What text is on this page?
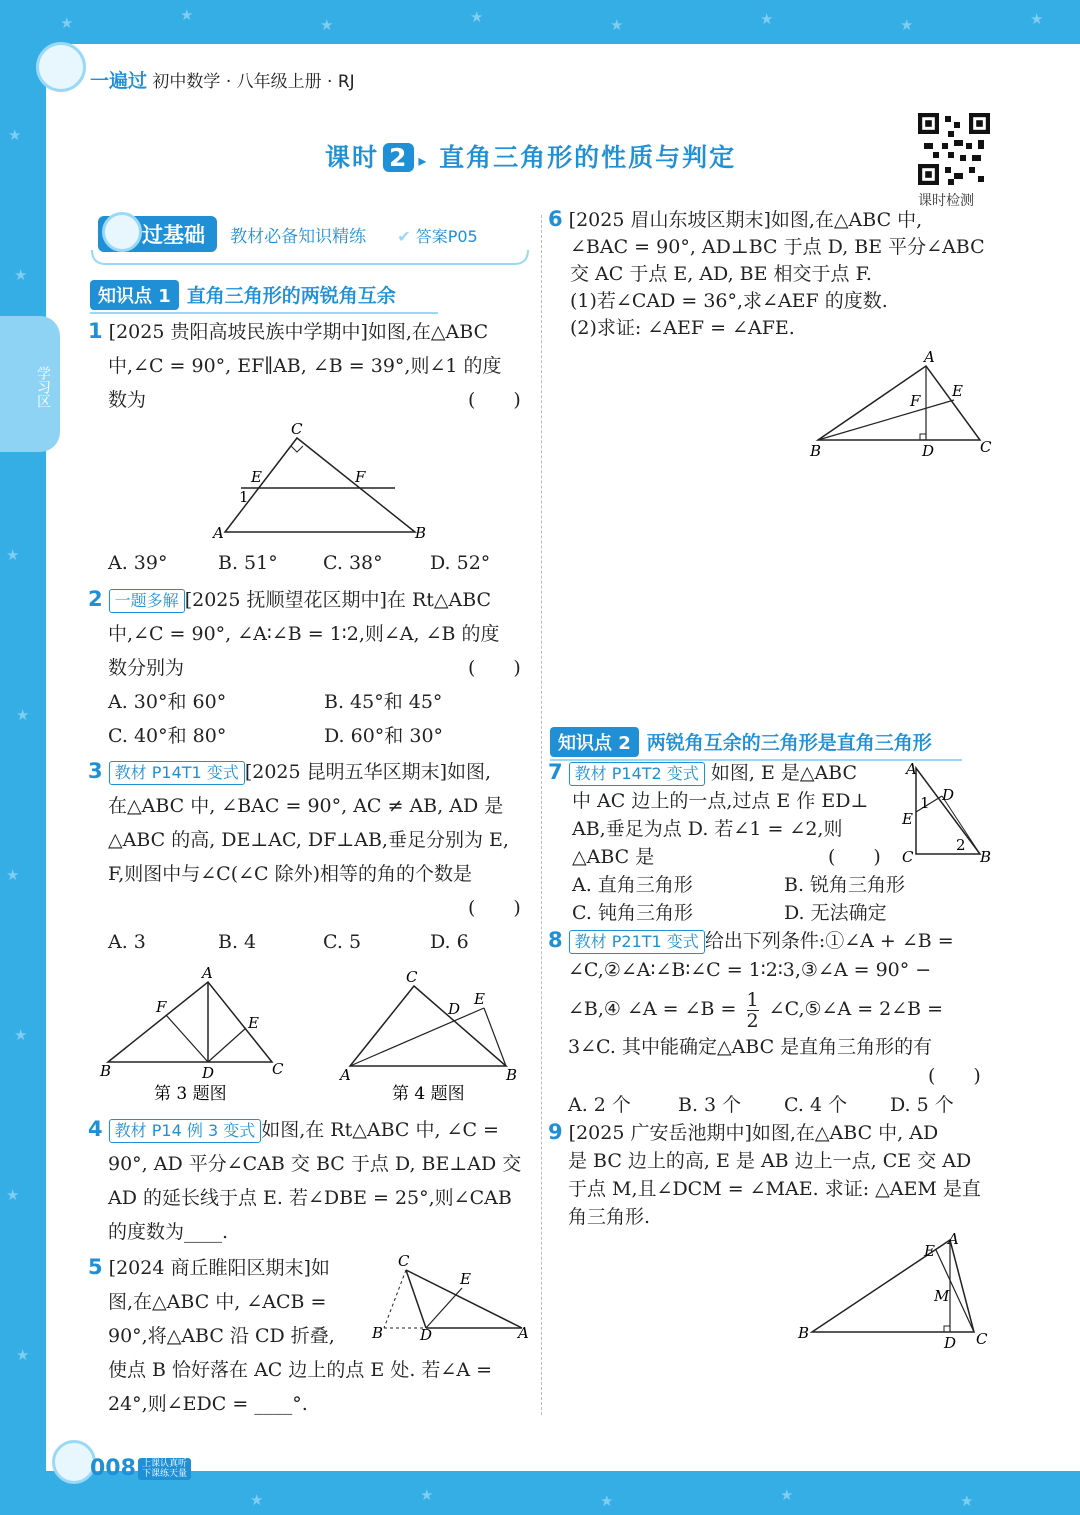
★	★
★	★	★	★	★	★
★
★
★
★
★
★
★
★
★	★	★	★	★
学习区
一遍过 初中数学 · 八年级上册 · RJ
课时 2 ▸ 直角三角形的性质与判定
课时检测
过基础 教材必备知识精练 ✔ 答案P05
知识点 1 直角三角形的两锐角互余
1 [2025 贵阳高坡民族中学期中]如图,在△ABC
中,∠C = 90°, EF∥AB, ∠B = 39°,则∠1 的度
数为	(　　)
C
E	F
1
A	B
A. 39°	B. 51° C. 38° D. 52°
2 一题多解 [2025 抚顺望花区期中]在 Rt△ABC
中,∠C = 90°, ∠A∶∠B = 1∶2,则∠A, ∠B 的度
数分别为	(　　)
A. 30°和 60°	B. 45°和 45°
C. 40°和 80°	D. 60°和 30°
3 教材 P14T1 变式 [2025 昆明五华区期末]如图,
在△ABC 中, ∠BAC = 90°, AC ≠ AB, AD 是
△ABC 的高, DE⊥AC, DF⊥AB,垂足分别为 E,
F,则图中与∠C(∠C 除外)相等的角的个数是
(　　)
A. 3	B. 4	C. 5	D. 6
A
B	C
D
E
F
第 3 题图
C
A	B
D
E
第 4 题图
4 教材 P14 例 3 变式 如图,在 Rt△ABC 中, ∠C =
90°, AD 平分∠CAB 交 BC 于点 D, BE⊥AD 交
AD 的延长线于点 E. 若∠DBE = 25°,则∠CAB
的度数为____.
5 [2024 商丘睢阳区期末]如
图,在△ABC 中, ∠ACB =
90°,将△ABC 沿 CD 折叠,
使点 B 恰好落在 AC 边上的点 E 处. 若∠A =
24°,则∠EDC = ____°.
C
E
B D	A
6 [2025 眉山东坡区期末]如图,在△ABC 中,
∠BAC = 90°, AD⊥BC 于点 D, BE 平分∠ABC
交 AC 于点 E, AD, BE 相交于点 F.
(1)若∠CAD = 36°,求∠AEF 的度数.
(2)求证: ∠AEF = ∠AFE.
A
B	C
D
E
F
知识点 2 两锐角互余的三角形是直角三角形
7 教材 P14T2 变式 如图, E 是△ABC
中 AC 边上的一点,过点 E 作 ED⊥
AB,垂足为点 D. 若∠1 = ∠2,则
△ABC 是	(　　)
A. 直角三角形	B. 锐角三角形
C. 钝角三角形	D. 无法确定
A
D
E
1
2
C	B
8 教材 P21T1 变式 给出下列条件:①∠A + ∠B =
∠C,②∠A∶∠B∶∠C = 1∶2∶3,③∠A = 90° −
∠B,④ ∠A = ∠B = $\frac{1}{2}$ ∠C,⑤∠A = 2∠B =
3∠C. 其中能确定△ABC 是直角三角形的有
(　　)
A. 2 个 B. 3 个 C. 4 个 D. 5 个
9 [2025 广安岳池期中]如图,在△ABC 中, AD
是 BC 边上的高, E 是 AB 边上一点, CE 交 AD
于点 M,且∠DCM = ∠MAE. 求证: △AEM 是直
角三角形.
A
E
M
B
D C
008 上课认真听
下课练天量
